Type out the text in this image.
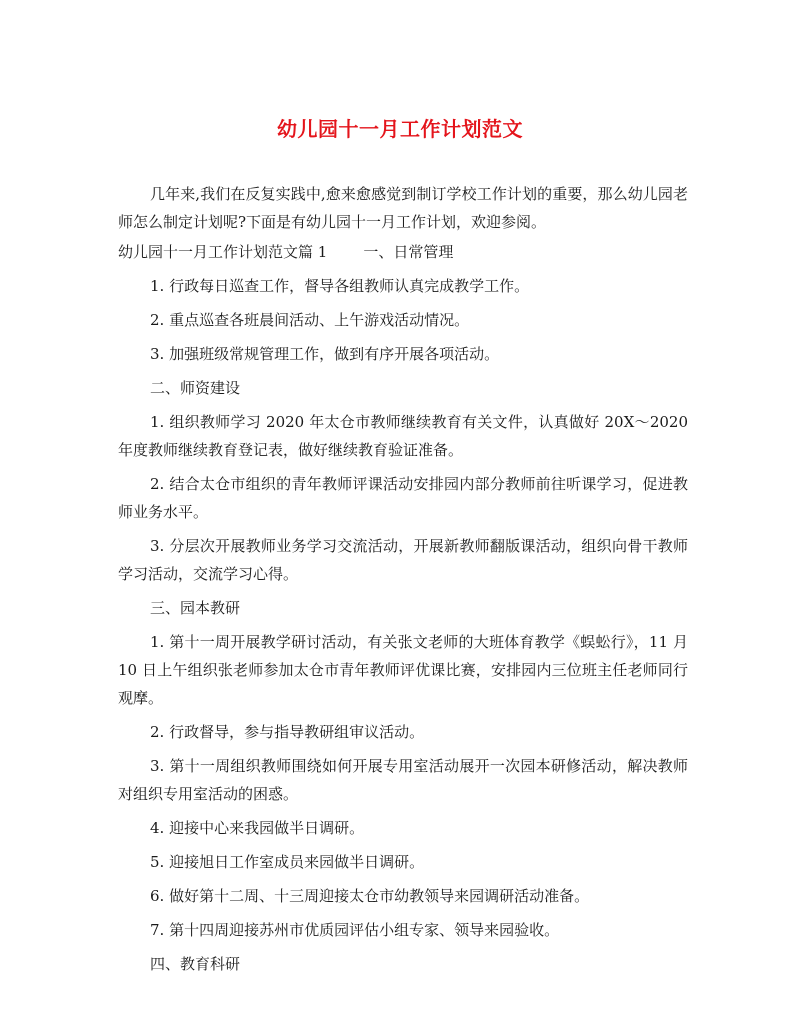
幼儿园十一月工作计划范文

几年来,我们在反复实践中,愈来愈感觉到制订学校工作计划的重要，那么幼儿园老师怎么制定计划呢?下面是有幼儿园十一月工作计划，欢迎参阅。

幼儿园十一月工作计划范文篇 1 一、日常管理

1. 行政每日巡查工作，督导各组教师认真完成教学工作。

2. 重点巡查各班晨间活动、上午游戏活动情况。

3. 加强班级常规管理工作，做到有序开展各项活动。

二、师资建设

1. 组织教师学习 2020 年太仓市教师继续教育有关文件，认真做好 20X～2020 年度教师继续教育登记表，做好继续教育验证准备。

2. 结合太仓市组织的青年教师评课活动安排园内部分教师前往听课学习，促进教师业务水平。

3. 分层次开展教师业务学习交流活动，开展新教师翻版课活动，组织向骨干教师学习活动，交流学习心得。

三、园本教研

1. 第十一周开展教学研讨活动，有关张文老师的大班体育教学《蜈蚣行》，11 月 10 日上午组织张老师参加太仓市青年教师评优课比赛，安排园内三位班主任老师同行观摩。

2. 行政督导，参与指导教研组审议活动。

3. 第十一周组织教师围绕如何开展专用室活动展开一次园本研修活动，解决教师对组织专用室活动的困惑。

4. 迎接中心来我园做半日调研。

5. 迎接旭日工作室成员来园做半日调研。

6. 做好第十二周、十三周迎接太仓市幼教领导来园调研活动准备。

7. 第十四周迎接苏州市优质园评估小组专家、领导来园验收。

四、教育科研
